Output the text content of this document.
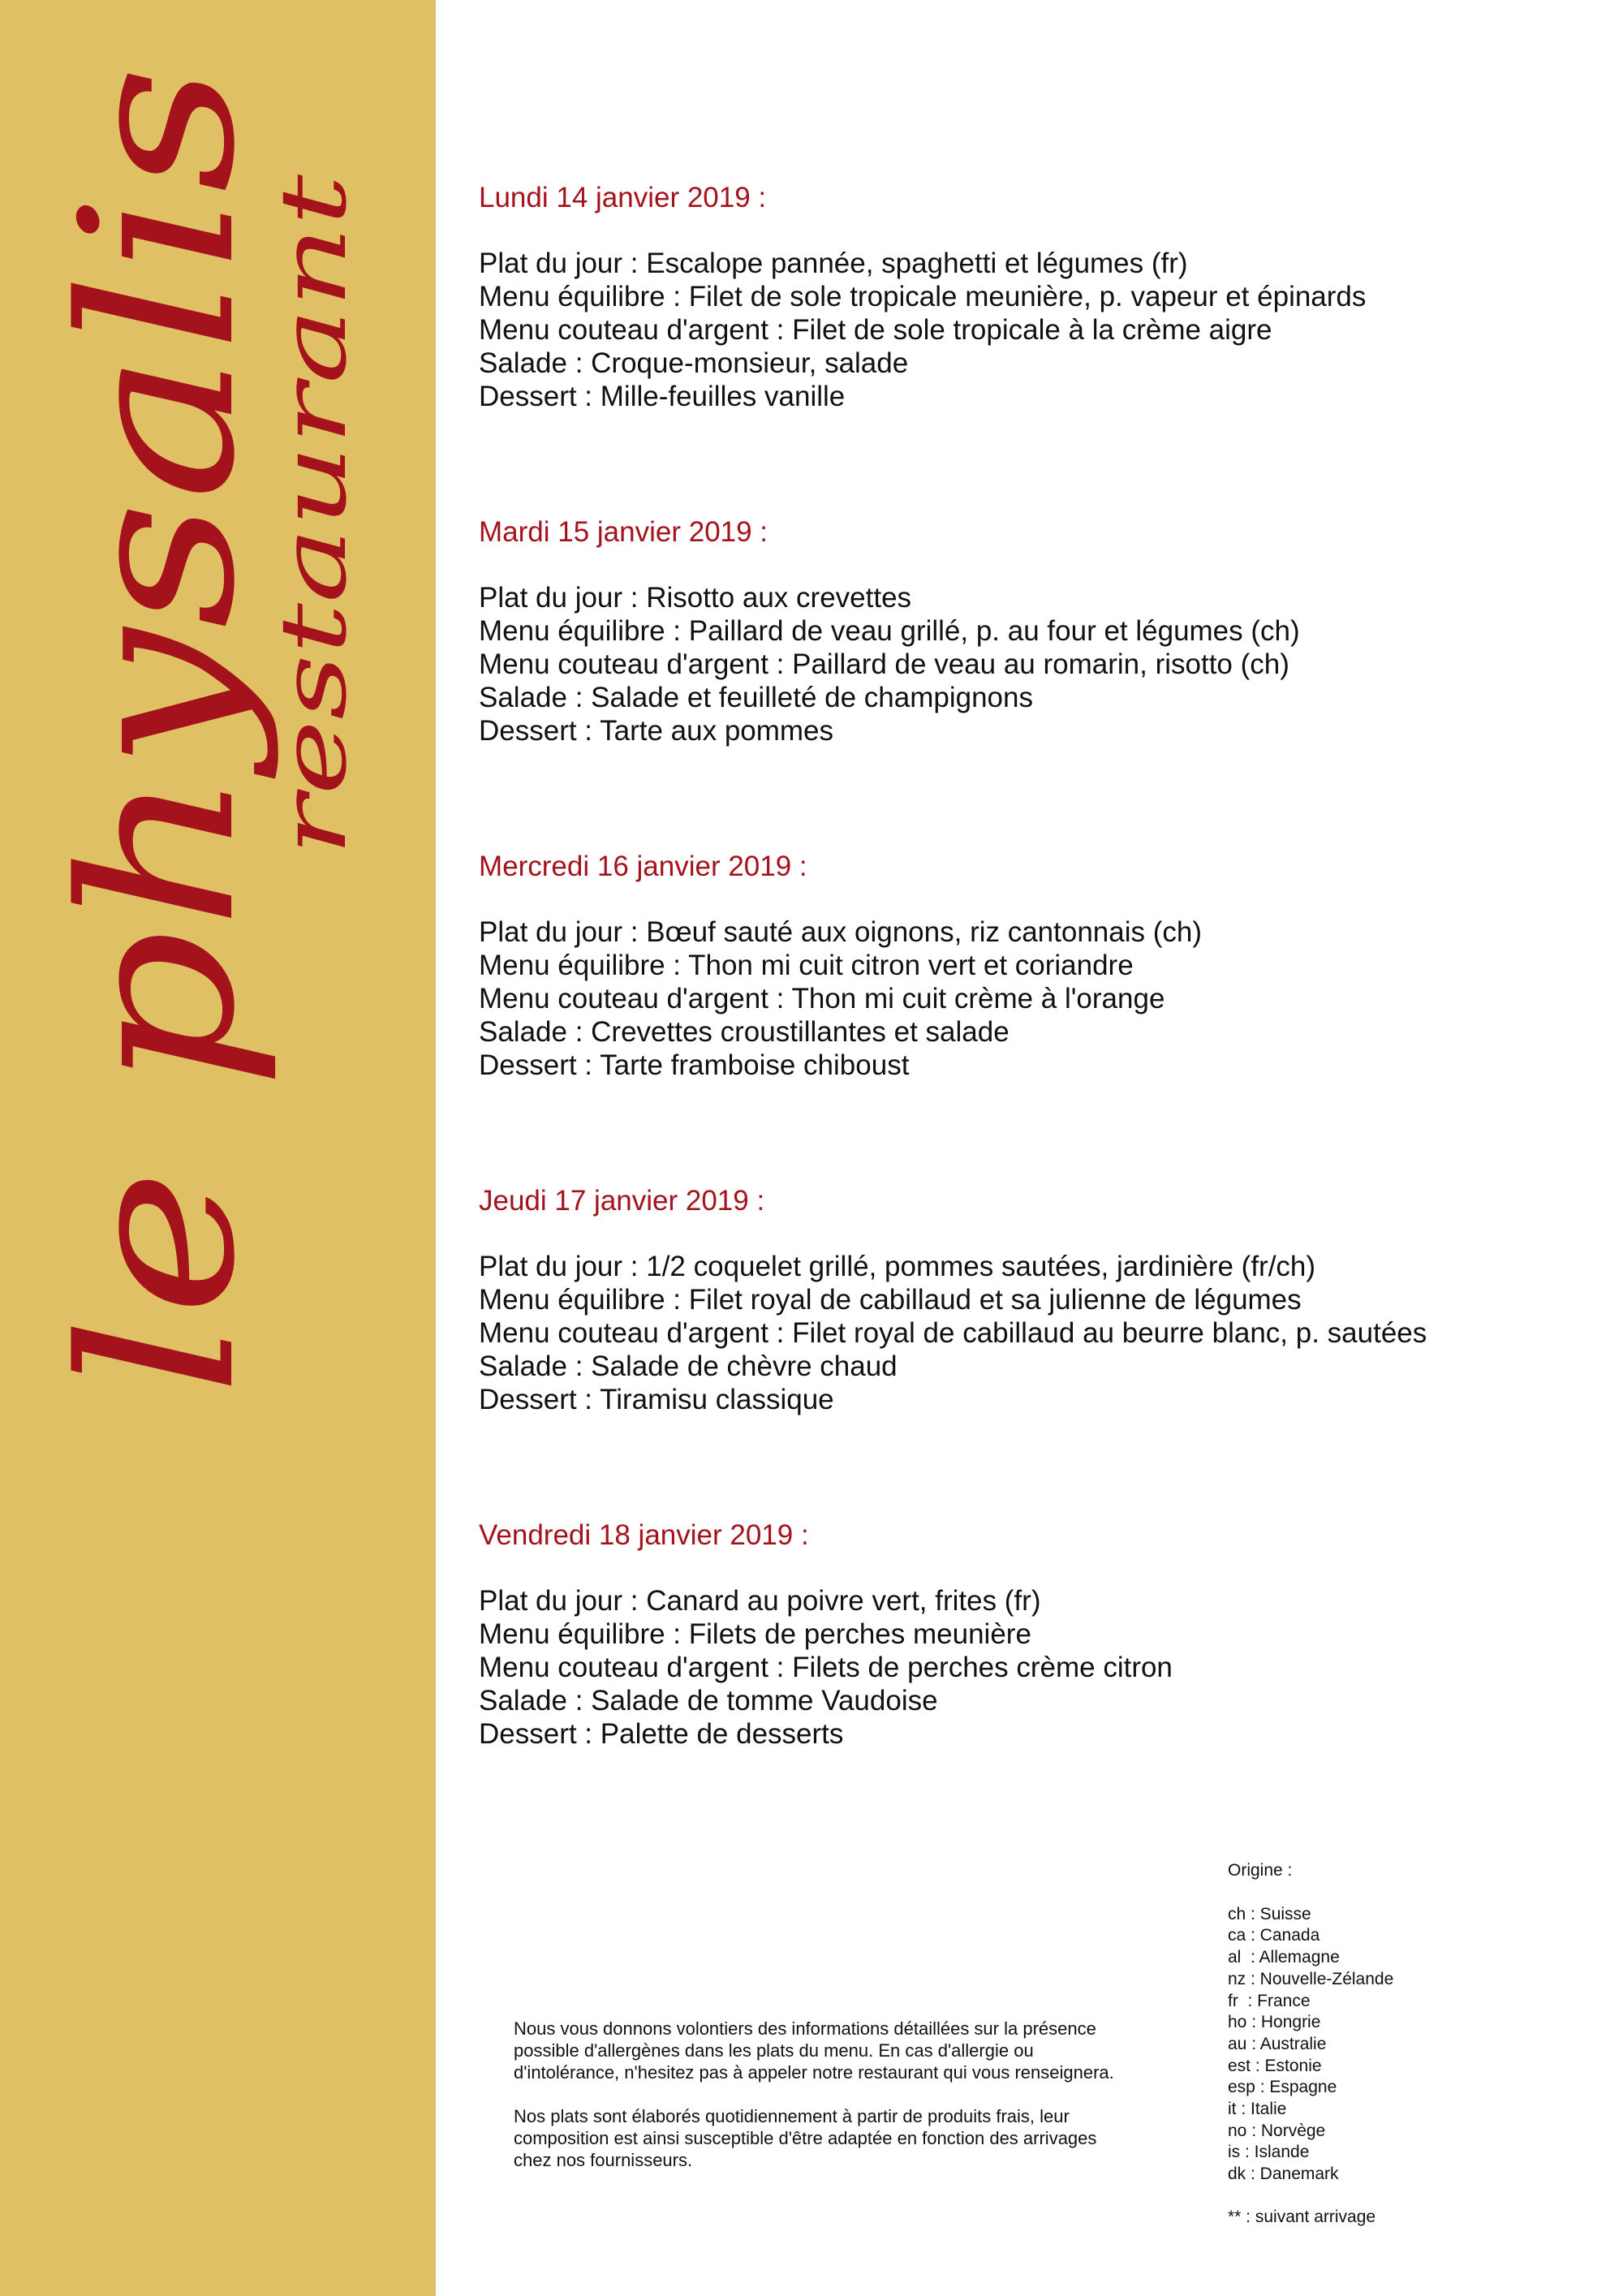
le physalis
restaurant
Lundi 14 janvier 2019 :
Plat du jour : Escalope pannée, spaghetti et légumes (fr)
Menu équilibre : Filet de sole tropicale meunière, p. vapeur et épinards
Menu couteau d'argent : Filet de sole tropicale à la crème aigre
Salade : Croque-monsieur, salade
Dessert : Mille-feuilles vanille
Mardi 15 janvier 2019 :
Plat du jour : Risotto aux crevettes
Menu équilibre : Paillard de veau grillé, p. au four et légumes (ch)
Menu couteau d'argent : Paillard de veau au romarin, risotto (ch)
Salade : Salade et feuilleté de champignons
Dessert : Tarte aux pommes
Mercredi 16 janvier 2019 :
Plat du jour : Bœuf sauté aux oignons, riz cantonnais (ch)
Menu équilibre : Thon mi cuit citron vert et coriandre
Menu couteau d'argent : Thon mi cuit crème à l'orange
Salade : Crevettes croustillantes et salade
Dessert : Tarte framboise chiboust
Jeudi 17 janvier 2019 :
Plat du jour : 1/2 coquelet grillé, pommes sautées, jardinière (fr/ch)
Menu équilibre : Filet royal de cabillaud et sa julienne de légumes
Menu couteau d'argent : Filet royal de cabillaud au beurre blanc, p. sautées
Salade : Salade de chèvre chaud
Dessert : Tiramisu classique
Vendredi 18 janvier 2019 :
Plat du jour : Canard au poivre vert, frites (fr)
Menu équilibre : Filets de perches meunière
Menu couteau d'argent : Filets de perches crème citron
Salade : Salade de tomme Vaudoise
Dessert : Palette de desserts

Nous vous donnons volontiers des informations détaillées sur la présence possible d'allergènes dans les plats du menu. En cas d'allergie ou d'intolérance, n'hesitez pas à appeler notre restaurant qui vous renseignera.

Nos plats sont élaborés quotidiennement à partir de produits frais, leur composition est ainsi susceptible d'être adaptée en fonction des arrivages chez nos fournisseurs.

Origine :
ch : Suisse
ca : Canada
al  : Allemagne
nz : Nouvelle-Zélande
fr  : France
ho : Hongrie
au : Australie
est : Estonie
esp : Espagne
it : Italie
no : Norvège
is : Islande
dk : Danemark
** : suivant arrivage
